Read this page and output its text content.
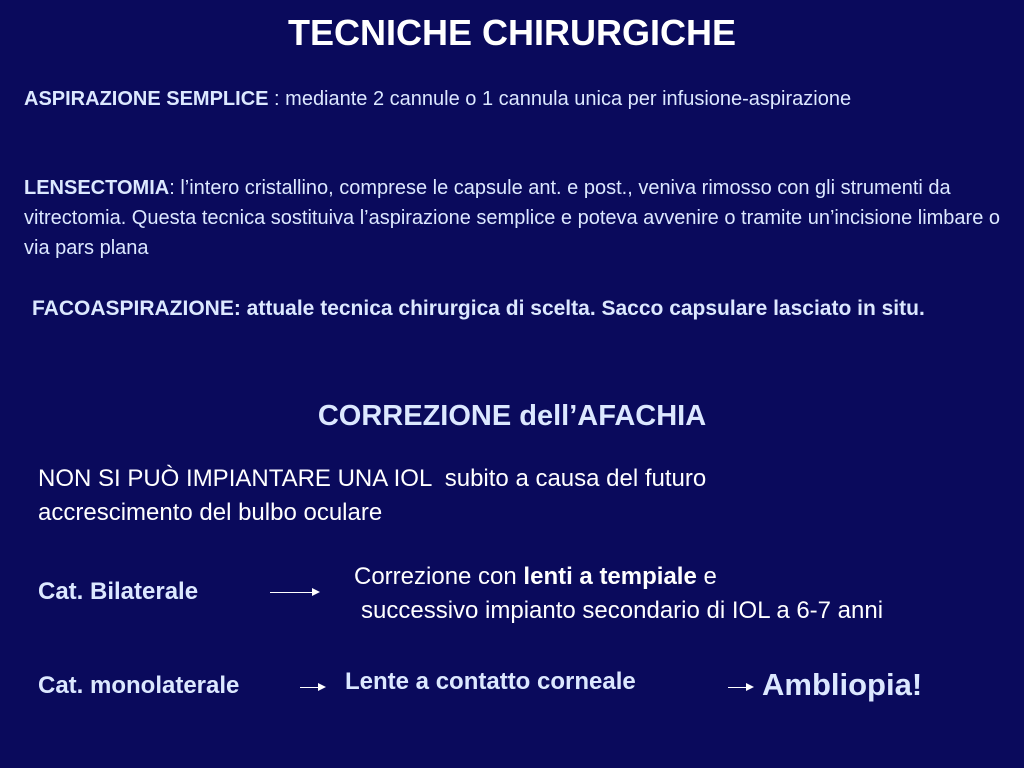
TECNICHE CHIRURGICHE

ASPIRAZIONE SEMPLICE : mediante 2 cannule o 1 cannula unica per infusione-aspirazione

LENSECTOMIA: l’intero cristallino, comprese le capsule ant. e post., veniva rimosso con gli strumenti da vitrectomia. Questa tecnica sostituiva l’aspirazione semplice e poteva avvenire o tramite un’incisione limbare o via pars plana

FACOASPIRAZIONE: attuale tecnica chirurgica di scelta. Sacco capsulare lasciato in situ.

CORREZIONE dell’AFACHIA
NON SI PUÒ IMPIANTARE UNA IOL  subito a causa del futuro
accrescimento del bulbo oculare
Cat. Bilaterale
Correzione con lenti a tempiale e
successivo impianto secondario di IOL a 6-7 anni
Cat. monolaterale	Lente a contatto corneale	Ambliopia!
